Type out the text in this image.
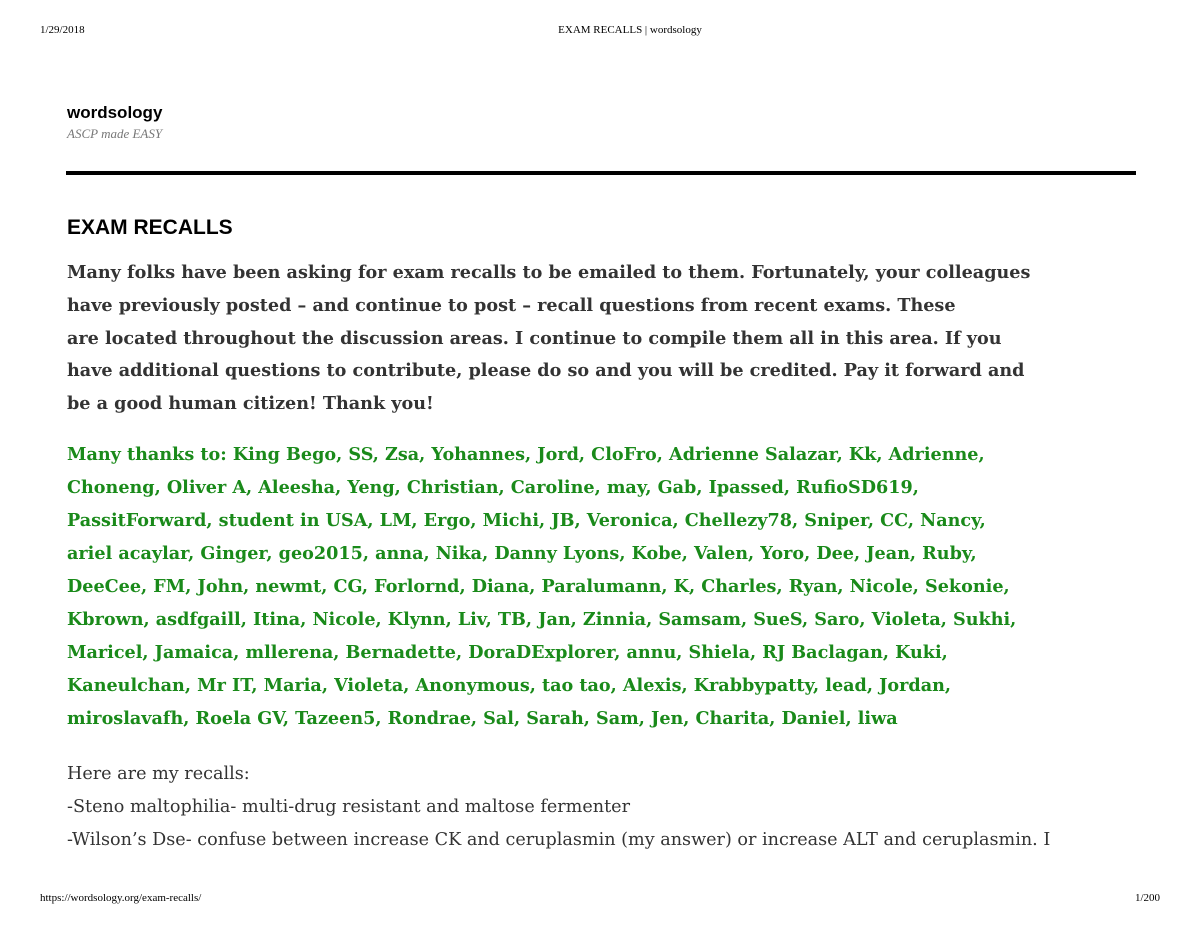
1/29/2018	EXAM RECALLS | wordsology
wordsology
ASCP made EASY
EXAM RECALLS

Many folks have been asking for exam recalls to be emailed to them. Fortunately, your colleagues
have previously posted – and continue to post – recall questions from recent exams. These
are located throughout the discussion areas. I continue to compile them all in this area. If you
have additional questions to contribute, please do so and you will be credited. Pay it forward and
be a good human citizen! Thank you!

Many thanks to: King Bego, SS, Zsa, Yohannes, Jord, CloFro, Adrienne Salazar, Kk, Adrienne,
Choneng, Oliver A, Aleesha, Yeng, Christian, Caroline, may, Gab, Ipassed, RufioSD619,
PassitForward, student in USA, LM, Ergo, Michi, JB, Veronica, Chellezy78, Sniper, CC, Nancy,
ariel acaylar, Ginger, geo2015, anna, Nika, Danny Lyons, Kobe, Valen, Yoro, Dee, Jean, Ruby,
DeeCee, FM, John, newmt, CG, Forlornd, Diana, Paralumann, K, Charles, Ryan, Nicole, Sekonie,
Kbrown, asdfgaill, Itina, Nicole, Klynn, Liv, TB, Jan, Zinnia, Samsam, SueS, Saro, Violeta, Sukhi,
Maricel, Jamaica, mllerena, Bernadette, DoraDExplorer, annu, Shiela, RJ Baclagan, Kuki,
Kaneulchan, Mr IT, Maria, Violeta, Anonymous, tao tao, Alexis, Krabbypatty, lead, Jordan,
miroslavafh, Roela GV, Tazeen5, Rondrae, Sal, Sarah, Sam, Jen, Charita, Daniel, liwa

Here are my recalls:
-Steno maltophilia- multi-drug resistant and maltose fermenter
-Wilson’s Dse- confuse between increase CK and ceruplasmin (my answer) or increase ALT and ceruplasmin. I
https://wordsology.org/exam-recalls/	1/200
